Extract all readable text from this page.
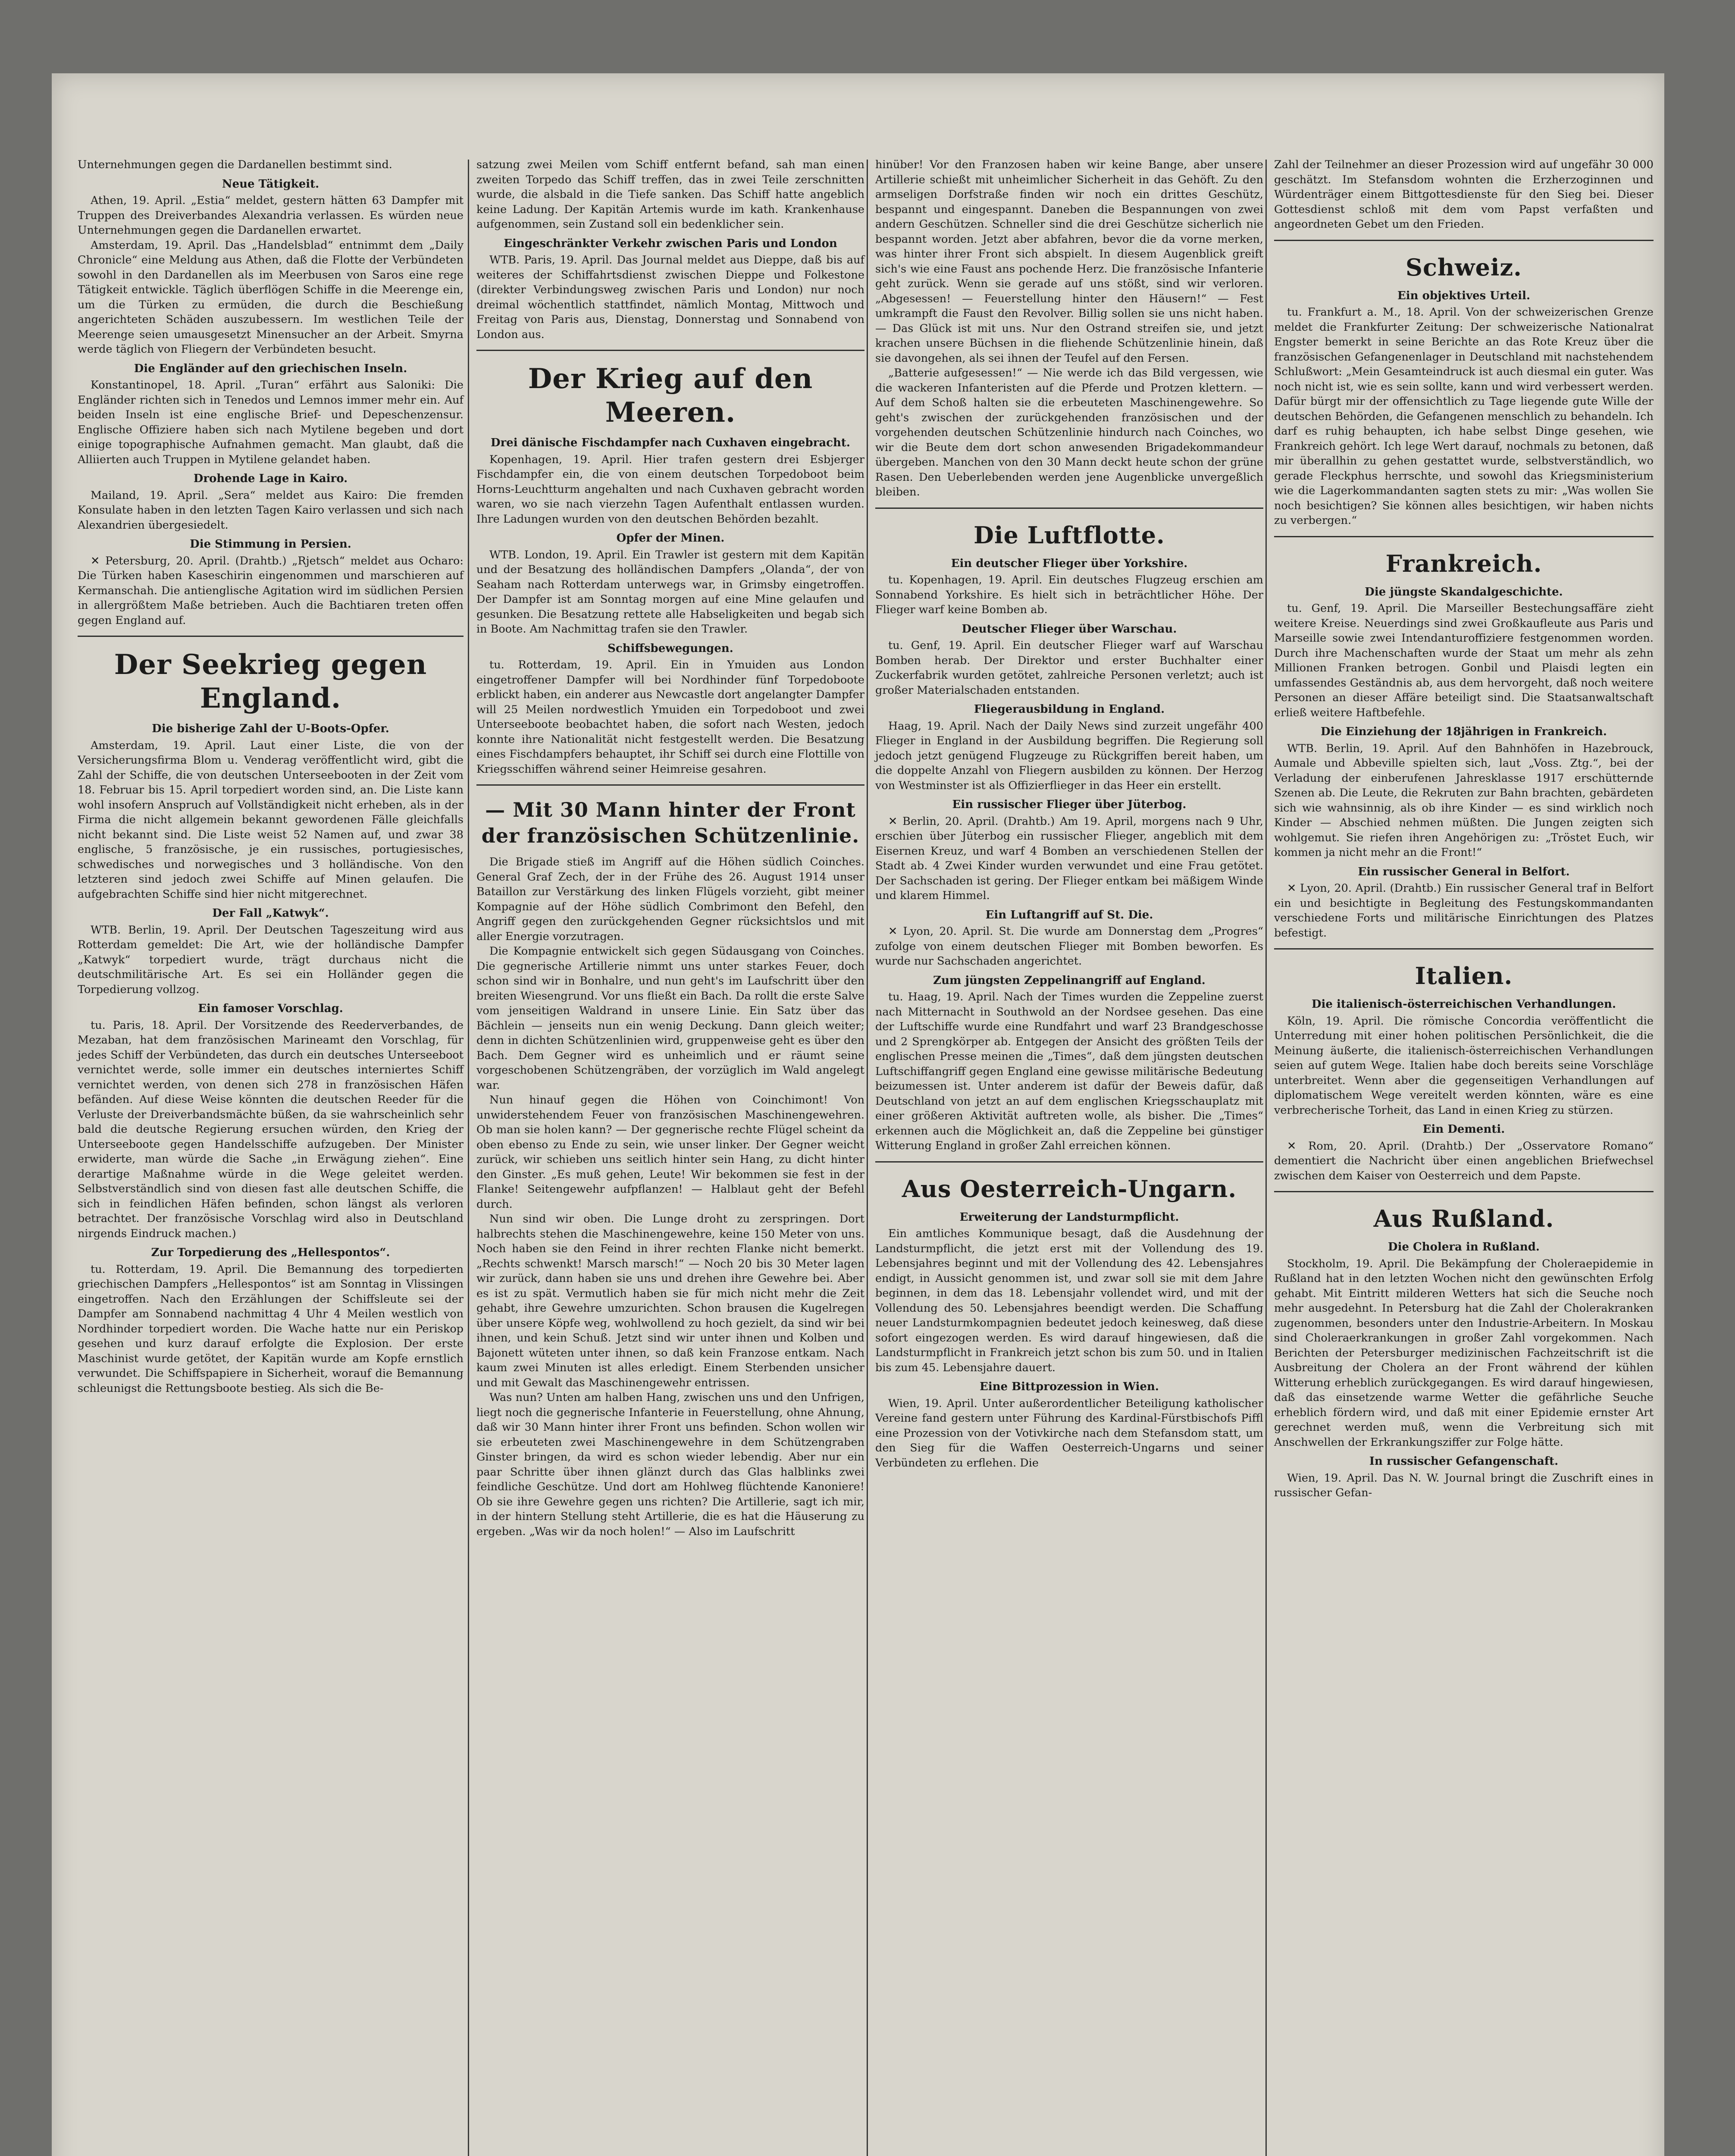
Unternehmungen gegen die Dardanellen bestimmt sind.

Neue Tätigkeit.

Athen, 19. April. „Estia“ meldet, gestern hätten 63 Dampfer mit Truppen des Dreiverbandes Alexandria verlassen. Es würden neue Unternehmungen gegen die Dardanellen erwartet.

Amsterdam, 19. April. Das „Handelsblad“ entnimmt dem „Daily Chronicle“ eine Meldung aus Athen, daß die Flotte der Verbündeten sowohl in den Dardanellen als im Meerbusen von Saros eine rege Tätigkeit entwickle. Täglich überflögen Schiffe in die Meerenge ein, um die Türken zu ermüden, die durch die Beschießung angerichteten Schäden auszubessern. Im westlichen Teile der Meerenge seien umausgesetzt Minensucher an der Arbeit. Smyrna werde täglich von Fliegern der Verbündeten besucht.

Die Engländer auf den griechischen Inseln.

Konstantinopel, 18. April. „Turan“ erfährt aus Saloniki: Die Engländer richten sich in Tenedos und Lemnos immer mehr ein. Auf beiden Inseln ist eine englische Brief- und Depeschenzensur. Englische Offiziere haben sich nach Mytilene begeben und dort einige topographische Aufnahmen gemacht. Man glaubt, daß die Alliierten auch Truppen in Mytilene gelandet haben.

Drohende Lage in Kairo.

Mailand, 19. April. „Sera“ meldet aus Kairo: Die fremden Konsulate haben in den letzten Tagen Kairo verlassen und sich nach Alexandrien übergesiedelt.

Die Stimmung in Persien.

✕ Petersburg, 20. April. (Drahtb.) „Rjetsch“ meldet aus Ocharo: Die Türken haben Kaseschirin eingenommen und marschieren auf Kermanschah. Die antienglische Agitation wird im südlichen Persien in allergrößtem Maße betrieben. Auch die Bachtiaren treten offen gegen England auf.

Der Seekrieg gegen England.

Die bisherige Zahl der U-Boots-Opfer.

Amsterdam, 19. April. Laut einer Liste, die von der Versicherungsfirma Blom u. Venderag veröffentlicht wird, gibt die Zahl der Schiffe, die von deutschen Unterseebooten in der Zeit vom 18. Februar bis 15. April torpediert worden sind, an. Die Liste kann wohl insofern Anspruch auf Vollständigkeit nicht erheben, als in der Firma die nicht allgemein bekannt gewordenen Fälle gleichfalls nicht bekannt sind. Die Liste weist 52 Namen auf, und zwar 38 englische, 5 französische, je ein russisches, portugiesisches, schwedisches und norwegisches und 3 holländische. Von den letzteren sind jedoch zwei Schiffe auf Minen gelaufen. Die aufgebrachten Schiffe sind hier nicht mitgerechnet.

Der Fall „Katwyk“.

WTB. Berlin, 19. April. Der Deutschen Tageszeitung wird aus Rotterdam gemeldet: Die Art, wie der holländische Dampfer „Katwyk“ torpediert wurde, trägt durchaus nicht die deutschmilitärische Art. Es sei ein Holländer gegen die Torpedierung vollzog.

Ein famoser Vorschlag.

tu. Paris, 18. April. Der Vorsitzende des Reederverbandes, de Mezaban, hat dem französischen Marineamt den Vorschlag, für jedes Schiff der Verbündeten, das durch ein deutsches Unterseeboot vernichtet werde, solle immer ein deutsches interniertes Schiff vernichtet werden, von denen sich 278 in französischen Häfen befänden. Auf diese Weise könnten die deutschen Reeder für die Verluste der Dreiverbandsmächte büßen, da sie wahrscheinlich sehr bald die deutsche Regierung ersuchen würden, den Krieg der Unterseeboote gegen Handelsschiffe aufzugeben. Der Minister erwiderte, man würde die Sache „in Erwägung ziehen“. Eine derartige Maßnahme würde in die Wege geleitet werden. Selbstverständlich sind von diesen fast alle deutschen Schiffe, die sich in feindlichen Häfen befinden, schon längst als verloren betrachtet. Der französische Vorschlag wird also in Deutschland nirgends Eindruck machen.)

Zur Torpedierung des „Hellespontos“.

tu. Rotterdam, 19. April. Die Bemannung des torpedierten griechischen Dampfers „Hellespontos“ ist am Sonntag in Vlissingen eingetroffen. Nach den Erzählungen der Schiffsleute sei der Dampfer am Sonnabend nachmittag 4 Uhr 4 Meilen westlich von Nordhinder torpediert worden. Die Wache hatte nur ein Periskop gesehen und kurz darauf erfolgte die Explosion. Der erste Maschinist wurde getötet, der Kapitän wurde am Kopfe ernstlich verwundet. Die Schiffspapiere in Sicherheit, worauf die Bemannung schleunigst die Rettungsboote bestieg. Als sich die Be-

satzung zwei Meilen vom Schiff entfernt befand, sah man einen zweiten Torpedo das Schiff treffen, das in zwei Teile zerschnitten wurde, die alsbald in die Tiefe sanken. Das Schiff hatte angeblich keine Ladung. Der Kapitän Artemis wurde im kath. Krankenhause aufgenommen, sein Zustand soll ein bedenklicher sein.

Eingeschränkter Verkehr zwischen Paris und London

WTB. Paris, 19. April. Das Journal meldet aus Dieppe, daß bis auf weiteres der Schiffahrtsdienst zwischen Dieppe und Folkestone (direkter Verbindungsweg zwischen Paris und London) nur noch dreimal wöchentlich stattfindet, nämlich Montag, Mittwoch und Freitag von Paris aus, Dienstag, Donnerstag und Sonnabend von London aus.

Der Krieg auf den Meeren.

Drei dänische Fischdampfer nach Cuxhaven eingebracht.

Kopenhagen, 19. April. Hier trafen gestern drei Esbjerger Fischdampfer ein, die von einem deutschen Torpedoboot beim Horns-Leuchtturm angehalten und nach Cuxhaven gebracht worden waren, wo sie nach vierzehn Tagen Aufenthalt entlassen wurden. Ihre Ladungen wurden von den deutschen Behörden bezahlt.

Opfer der Minen.

WTB. London, 19. April. Ein Trawler ist gestern mit dem Kapitän und der Besatzung des holländischen Dampfers „Olanda“, der von Seaham nach Rotterdam unterwegs war, in Grimsby eingetroffen. Der Dampfer ist am Sonntag morgen auf eine Mine gelaufen und gesunken. Die Besatzung rettete alle Habseligkeiten und begab sich in Boote. Am Nachmittag trafen sie den Trawler.

Schiffsbewegungen.

tu. Rotterdam, 19. April. Ein in Ymuiden aus London eingetroffener Dampfer will bei Nordhinder fünf Torpedoboote erblickt haben, ein anderer aus Newcastle dort angelangter Dampfer will 25 Meilen nordwestlich Ymuiden ein Torpedoboot und zwei Unterseeboote beobachtet haben, die sofort nach Westen, jedoch konnte ihre Nationalität nicht festgestellt werden. Die Besatzung eines Fischdampfers behauptet, ihr Schiff sei durch eine Flottille von Kriegsschiffen während seiner Heimreise gesahren.

— Mit 30 Mann hinter der Front der französischen Schützenlinie.

Die Brigade stieß im Angriff auf die Höhen südlich Coinches. General Graf Zech, der in der Frühe des 26. August 1914 unser Bataillon zur Verstärkung des linken Flügels vorzieht, gibt meiner Kompagnie auf der Höhe südlich Combrimont den Befehl, den Angriff gegen den zurückgehenden Gegner rücksichtslos und mit aller Energie vorzutragen.

Die Kompagnie entwickelt sich gegen Südausgang von Coinches. Die gegnerische Artillerie nimmt uns unter starkes Feuer, doch schon sind wir in Bonhalre, und nun geht's im Laufschritt über den breiten Wiesengrund. Vor uns fließt ein Bach. Da rollt die erste Salve vom jenseitigen Waldrand in unsere Linie. Ein Satz über das Bächlein — jenseits nun ein wenig Deckung. Dann gleich weiter; denn in dichten Schützenlinien wird, gruppenweise geht es über den Bach. Dem Gegner wird es unheimlich und er räumt seine vorgeschobenen Schützengräben, der vorzüglich im Wald angelegt war.

Nun hinauf gegen die Höhen von Coinchimont! Von unwiderstehendem Feuer von französischen Maschinengewehren. Ob man sie holen kann? — Der gegnerische rechte Flügel scheint da oben ebenso zu Ende zu sein, wie unser linker. Der Gegner weicht zurück, wir schieben uns seitlich hinter sein Hang, zu dicht hinter den Ginster. „Es muß gehen, Leute! Wir bekommen sie fest in der Flanke! Seitengewehr aufpflanzen! — Halblaut geht der Befehl durch.

Nun sind wir oben. Die Lunge droht zu zerspringen. Dort halbrechts stehen die Maschinengewehre, keine 150 Meter von uns. Noch haben sie den Feind in ihrer rechten Flanke nicht bemerkt. „Rechts schwenkt! Marsch marsch!“ — Noch 20 bis 30 Meter lagen wir zurück, dann haben sie uns und drehen ihre Gewehre bei. Aber es ist zu spät. Vermutlich haben sie für mich nicht mehr die Zeit gehabt, ihre Gewehre umzurichten. Schon brausen die Kugelregen über unsere Köpfe weg, wohlwollend zu hoch gezielt, da sind wir bei ihnen, und kein Schuß. Jetzt sind wir unter ihnen und Kolben und Bajonett wüteten unter ihnen, so daß kein Franzose entkam. Nach kaum zwei Minuten ist alles erledigt. Einem Sterbenden unsicher und mit Gewalt das Maschinengewehr entrissen.

Was nun? Unten am halben Hang, zwischen uns und den Unfrigen, liegt noch die gegnerische Infanterie in Feuerstellung, ohne Ahnung, daß wir 30 Mann hinter ihrer Front uns befinden. Schon wollen wir sie erbeuteten zwei Maschinengewehre in dem Schützengraben Ginster bringen, da wird es schon wieder lebendig. Aber nur ein paar Schritte über ihnen glänzt durch das Glas halblinks zwei feindliche Geschütze. Und dort am Hohlweg flüchtende Kanoniere! Ob sie ihre Gewehre gegen uns richten? Die Artillerie, sagt ich mir, in der hintern Stellung steht Artillerie, die es hat die Häuserung zu ergeben. „Was wir da noch holen!“ — Also im Laufschritt

hinüber! Vor den Franzosen haben wir keine Bange, aber unsere Artillerie schießt mit unheimlicher Sicherheit in das Gehöft. Zu den armseligen Dorfstraße finden wir noch ein drittes Geschütz, bespannt und eingespannt. Daneben die Bespannungen von zwei andern Geschützen. Schneller sind die drei Geschütze sicherlich nie bespannt worden. Jetzt aber abfahren, bevor die da vorne merken, was hinter ihrer Front sich abspielt. In diesem Augenblick greift sich's wie eine Faust ans pochende Herz. Die französische Infanterie geht zurück. Wenn sie gerade auf uns stößt, sind wir verloren. „Abgesessen! — Feuerstellung hinter den Häusern!“ — Fest umkrampft die Faust den Revolver. Billig sollen sie uns nicht haben. — Das Glück ist mit uns. Nur den Ostrand streifen sie, und jetzt krachen unsere Büchsen in die fliehende Schützenlinie hinein, daß sie davongehen, als sei ihnen der Teufel auf den Fersen.

„Batterie aufgesessen!“ — Nie werde ich das Bild vergessen, wie die wackeren Infanteristen auf die Pferde und Protzen klettern. — Auf dem Schoß halten sie die erbeuteten Maschinengewehre. So geht's zwischen der zurückgehenden französischen und der vorgehenden deutschen Schützenlinie hindurch nach Coinches, wo wir die Beute dem dort schon anwesenden Brigadekommandeur übergeben. Manchen von den 30 Mann deckt heute schon der grüne Rasen. Den Ueberlebenden werden jene Augenblicke unvergeßlich bleiben.

Die Luftflotte.

Ein deutscher Flieger über Yorkshire.

tu. Kopenhagen, 19. April. Ein deutsches Flugzeug erschien am Sonnabend Yorkshire. Es hielt sich in beträchtlicher Höhe. Der Flieger warf keine Bomben ab.

Deutscher Flieger über Warschau.

tu. Genf, 19. April. Ein deutscher Flieger warf auf Warschau Bomben herab. Der Direktor und erster Buchhalter einer Zuckerfabrik wurden getötet, zahlreiche Personen verletzt; auch ist großer Materialschaden entstanden.

Fliegerausbildung in England.

Haag, 19. April. Nach der Daily News sind zurzeit ungefähr 400 Flieger in England in der Ausbildung begriffen. Die Regierung soll jedoch jetzt genügend Flugzeuge zu Rückgriffen bereit haben, um die doppelte Anzahl von Fliegern ausbilden zu können. Der Herzog von Westminster ist als Offizierflieger in das Heer ein erstellt.

Ein russischer Flieger über Jüterbog.

✕ Berlin, 20. April. (Drahtb.) Am 19. April, morgens nach 9 Uhr, erschien über Jüterbog ein russischer Flieger, angeblich mit dem Eisernen Kreuz, und warf 4 Bomben an verschiedenen Stellen der Stadt ab. 4 Zwei Kinder wurden verwundet und eine Frau getötet. Der Sachschaden ist gering. Der Flieger entkam bei mäßigem Winde und klarem Himmel.

Ein Luftangriff auf St. Die.

✕ Lyon, 20. April. St. Die wurde am Donnerstag dem „Progres“ zufolge von einem deutschen Flieger mit Bomben beworfen. Es wurde nur Sachschaden angerichtet.

Zum jüngsten Zeppelinangriff auf England.

tu. Haag, 19. April. Nach der Times wurden die Zeppeline zuerst nach Mitternacht in Southwold an der Nordsee gesehen. Das eine der Luftschiffe wurde eine Rundfahrt und warf 23 Brandgeschosse und 2 Sprengkörper ab. Entgegen der Ansicht des größten Teils der englischen Presse meinen die „Times“, daß dem jüngsten deutschen Luftschiffangriff gegen England eine gewisse militärische Bedeutung beizumessen ist. Unter anderem ist dafür der Beweis dafür, daß Deutschland von jetzt an auf dem englischen Kriegsschauplatz mit einer größeren Aktivität auftreten wolle, als bisher. Die „Times“ erkennen auch die Möglichkeit an, daß die Zeppeline bei günstiger Witterung England in großer Zahl erreichen können.

Aus Oesterreich-Ungarn.

Erweiterung der Landsturmpflicht.

Ein amtliches Kommunique besagt, daß die Ausdehnung der Landsturmpflicht, die jetzt erst mit der Vollendung des 19. Lebensjahres beginnt und mit der Vollendung des 42. Lebensjahres endigt, in Aussicht genommen ist, und zwar soll sie mit dem Jahre beginnen, in dem das 18. Lebensjahr vollendet wird, und mit der Vollendung des 50. Lebensjahres beendigt werden. Die Schaffung neuer Landsturmkompagnien bedeutet jedoch keinesweg, daß diese sofort eingezogen werden. Es wird darauf hingewiesen, daß die Landsturmpflicht in Frankreich jetzt schon bis zum 50. und in Italien bis zum 45. Lebensjahre dauert.

Eine Bittprozession in Wien.

Wien, 19. April. Unter außerordentlicher Beteiligung katholischer Vereine fand gestern unter Führung des Kardinal-Fürstbischofs Piffl eine Prozession von der Votivkirche nach dem Stefansdom statt, um den Sieg für die Waffen Oesterreich-Ungarns und seiner Verbündeten zu erflehen. Die

Zahl der Teilnehmer an dieser Prozession wird auf ungefähr 30 000 geschätzt. Im Stefansdom wohnten die Erzherzoginnen und Würdenträger einem Bittgottesdienste für den Sieg bei. Dieser Gottesdienst schloß mit dem vom Papst verfaßten und angeordneten Gebet um den Frieden.

Schweiz.

Ein objektives Urteil.

tu. Frankfurt a. M., 18. April. Von der schweizerischen Grenze meldet die Frankfurter Zeitung: Der schweizerische Nationalrat Engster bemerkt in seine Berichte an das Rote Kreuz über die französischen Gefangenenlager in Deutschland mit nachstehendem Schlußwort: „Mein Gesamteindruck ist auch diesmal ein guter. Was noch nicht ist, wie es sein sollte, kann und wird verbessert werden. Dafür bürgt mir der offensichtlich zu Tage liegende gute Wille der deutschen Behörden, die Gefangenen menschlich zu behandeln. Ich darf es ruhig behaupten, ich habe selbst Dinge gesehen, wie Frankreich gehört. Ich lege Wert darauf, nochmals zu betonen, daß mir überallhin zu gehen gestattet wurde, selbstverständlich, wo gerade Fleckphus herrschte, und sowohl das Kriegsministerium wie die Lagerkommandanten sagten stets zu mir: „Was wollen Sie noch besichtigen? Sie können alles besichtigen, wir haben nichts zu verbergen.“

Frankreich.

Die jüngste Skandalgeschichte.

tu. Genf, 19. April. Die Marseiller Bestechungsaffäre zieht weitere Kreise. Neuerdings sind zwei Großkaufleute aus Paris und Marseille sowie zwei Intendanturoffiziere festgenommen worden. Durch ihre Machenschaften wurde der Staat um mehr als zehn Millionen Franken betrogen. Gonbil und Plaisdi legten ein umfassendes Geständnis ab, aus dem hervorgeht, daß noch weitere Personen an dieser Affäre beteiligt sind. Die Staatsanwaltschaft erließ weitere Haftbefehle.

Die Einziehung der 18jährigen in Frankreich.

WTB. Berlin, 19. April. Auf den Bahnhöfen in Hazebrouck, Aumale und Abbeville spielten sich, laut „Voss. Ztg.“, bei der Verladung der einberufenen Jahresklasse 1917 erschütternde Szenen ab. Die Leute, die Rekruten zur Bahn brachten, gebärdeten sich wie wahnsinnig, als ob ihre Kinder — es sind wirklich noch Kinder — Abschied nehmen müßten. Die Jungen zeigten sich wohlgemut. Sie riefen ihren Angehörigen zu: „Tröstet Euch, wir kommen ja nicht mehr an die Front!“

Ein russischer General in Belfort.

✕ Lyon, 20. April. (Drahtb.) Ein russischer General traf in Belfort ein und besichtigte in Begleitung des Festungskommandanten verschiedene Forts und militärische Einrichtungen des Platzes befestigt.

Italien.

Die italienisch-österreichischen Verhandlungen.

Köln, 19. April. Die römische Concordia veröffentlicht die Unterredung mit einer hohen politischen Persönlichkeit, die die Meinung äußerte, die italienisch-österreichischen Verhandlungen seien auf gutem Wege. Italien habe doch bereits seine Vorschläge unterbreitet. Wenn aber die gegenseitigen Verhandlungen auf diplomatischem Wege vereitelt werden könnten, wäre es eine verbrecherische Torheit, das Land in einen Krieg zu stürzen.

Ein Dementi.

✕ Rom, 20. April. (Drahtb.) Der „Osservatore Romano“ dementiert die Nachricht über einen angeblichen Briefwechsel zwischen dem Kaiser von Oesterreich und dem Papste.

Aus Rußland.

Die Cholera in Rußland.

Stockholm, 19. April. Die Bekämpfung der Choleraepidemie in Rußland hat in den letzten Wochen nicht den gewünschten Erfolg gehabt. Mit Eintritt milderen Wetters hat sich die Seuche noch mehr ausgedehnt. In Petersburg hat die Zahl der Cholerakranken zugenommen, besonders unter den Industrie-Arbeitern. In Moskau sind Choleraerkrankungen in großer Zahl vorgekommen. Nach Berichten der Petersburger medizinischen Fachzeitschrift ist die Ausbreitung der Cholera an der Front während der kühlen Witterung erheblich zurückgegangen. Es wird darauf hingewiesen, daß das einsetzende warme Wetter die gefährliche Seuche erheblich fördern wird, und daß mit einer Epidemie ernster Art gerechnet werden muß, wenn die Verbreitung sich mit Anschwellen der Erkrankungsziffer zur Folge hätte.

In russischer Gefangenschaft.

Wien, 19. April. Das N. W. Journal bringt die Zuschrift eines in russischer Gefan-
